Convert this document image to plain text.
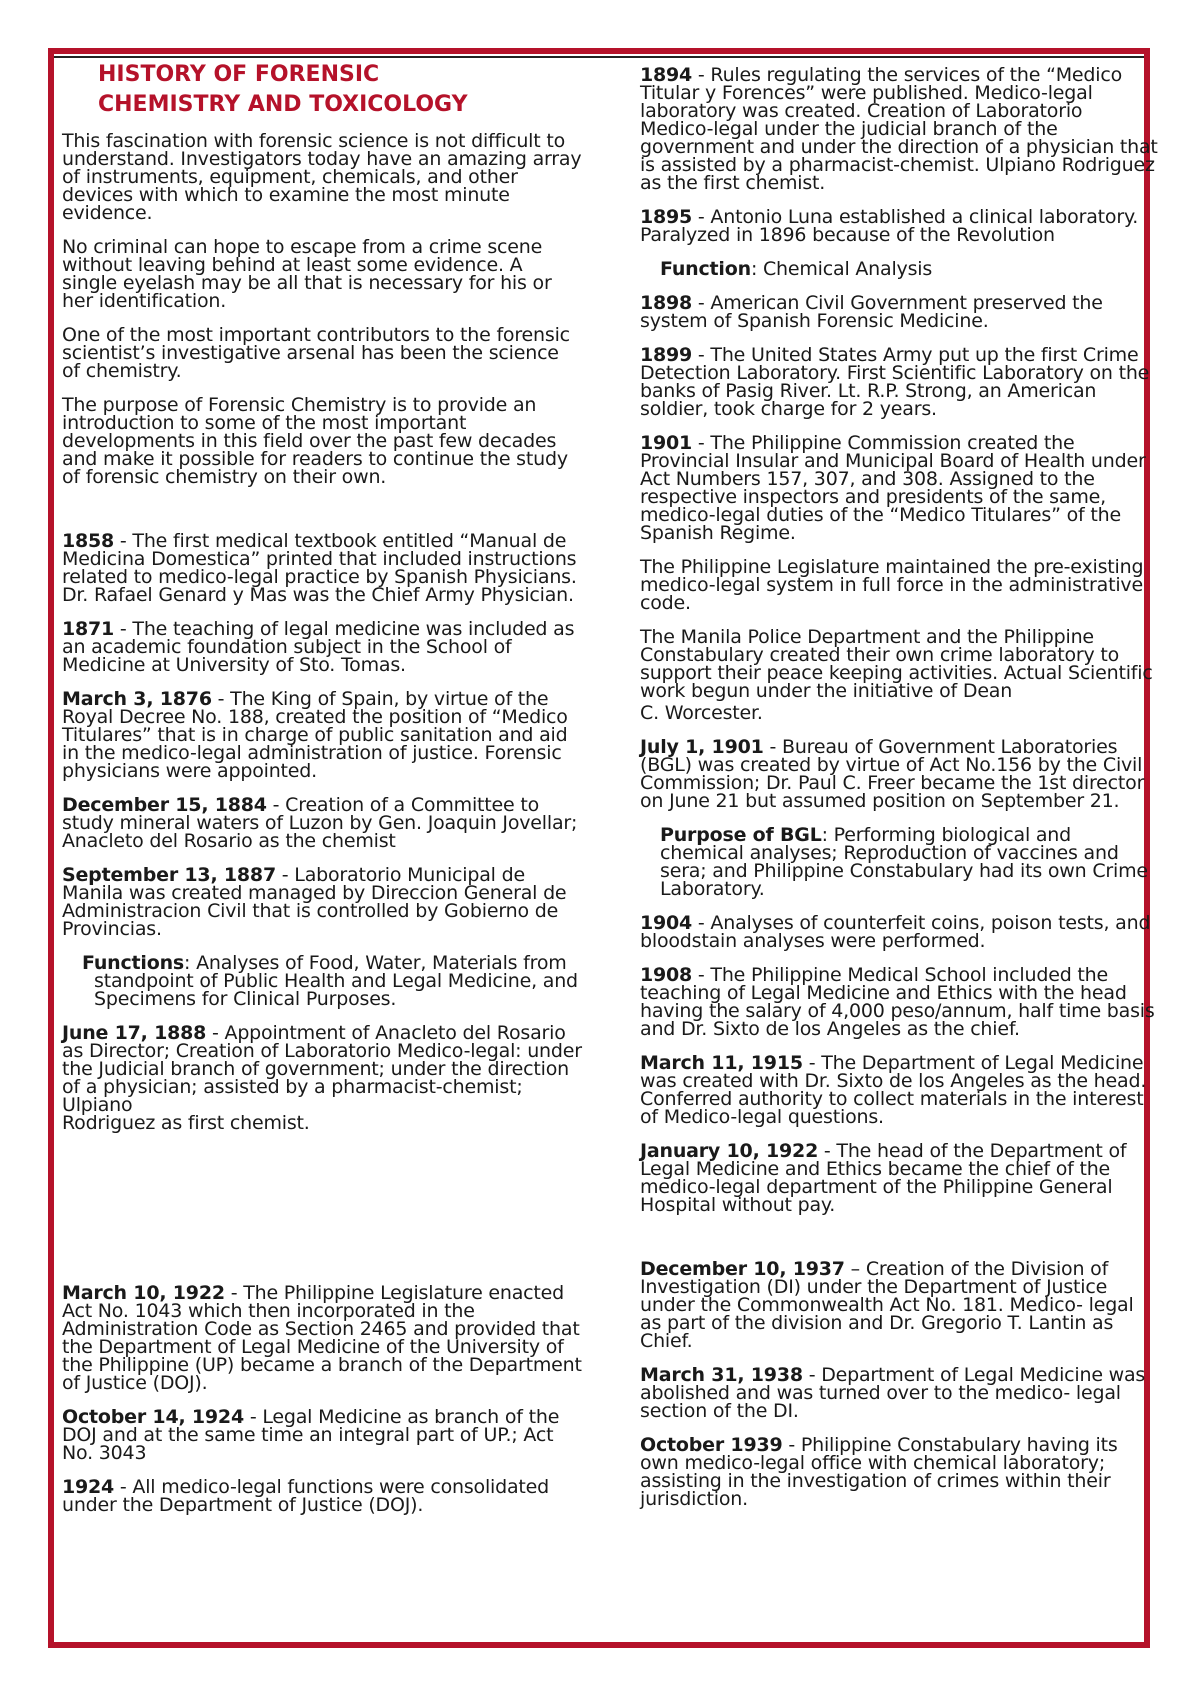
HISTORY OF FORENSIC
CHEMISTRY AND TOXICOLOGY

This fascination with forensic science is not difficult to understand. Investigators today have an amazing array of instruments, equipment, chemicals, and other devices with which to examine the most minute evidence.

No criminal can hope to escape from a crime scene without leaving behind at least some evidence. A single eyelash may be all that is necessary for his or her identification.

One of the most important contributors to the forensic scientist’s investigative arsenal has been the science of chemistry.

The purpose of Forensic Chemistry is to provide an introduction to some of the most important developments in this field over the past few decades and make it possible for readers to continue the study of forensic chemistry on their own.

1858 - The first medical textbook entitled “Manual de Medicina Domestica” printed that included instructions related to medico-legal practice by Spanish Physicians. Dr. Rafael Genard y Mas was the Chief Army Physician.

1871 - The teaching of legal medicine was included as an academic foundation subject in the School of Medicine at University of Sto. Tomas.

March 3, 1876 - The King of Spain, by virtue of the Royal Decree No. 188, created the position of “Medico Titulares” that is in charge of public sanitation and aid in the medico-legal administration of justice. Forensic physicians were appointed.

December 15, 1884 - Creation of a Committee to study mineral waters of Luzon by Gen. Joaquin Jovellar; Anacleto del Rosario as the chemist

September 13, 1887 - Laboratorio Municipal de Manila was created managed by Direccion General de Administracion Civil that is controlled by Gobierno de Provincias.

Functions: Analyses of Food, Water, Materials from standpoint of Public Health and Legal Medicine, and Specimens for Clinical Purposes.

June 17, 1888 - Appointment of Anacleto del Rosario as Director; Creation of Laboratorio Medico-legal: under the Judicial branch of government; under the direction of a physician; assisted by a pharmacist-chemist; Ulpiano
Rodriguez as first chemist.

March 10, 1922 - The Philippine Legislature enacted Act No. 1043 which then incorporated in the Administration Code as Section 2465 and provided that the Department of Legal Medicine of the University of the Philippine (UP) became a branch of the Department of Justice (DOJ).

October 14, 1924 - Legal Medicine as branch of the DOJ and at the same time an integral part of UP.; Act No. 3043

1924 - All medico-legal functions were consolidated under the Department of Justice (DOJ).

1894 - Rules regulating the services of the “Medico Titular y Forences” were published. Medico-legal laboratory was created. Creation of Laboratorio Medico-legal under the judicial branch of the government and under the direction of a physician that is assisted by a pharmacist-chemist. Ulpiano Rodriguez as the first chemist.

1895 - Antonio Luna established a clinical laboratory. Paralyzed in 1896 because of the Revolution

Function: Chemical Analysis

1898 - American Civil Government preserved the system of Spanish Forensic Medicine.

1899 - The United States Army put up the first Crime Detection Laboratory. First Scientific Laboratory on the banks of Pasig River. Lt. R.P. Strong, an American soldier, took charge for 2 years.

1901 - The Philippine Commission created the Provincial Insular and Municipal Board of Health under Act Numbers 157, 307, and 308. Assigned to the respective inspectors and presidents of the same, medico-legal duties of the “Medico Titulares” of the Spanish Regime.

The Philippine Legislature maintained the pre-existing medico-legal system in full force in the administrative code.

The Manila Police Department and the Philippine Constabulary created their own crime laboratory to support their peace keeping activities. Actual Scientific work begun under the initiative of Dean

C. Worcester.

July 1, 1901 - Bureau of Government Laboratories (BGL) was created by virtue of Act No.156 by the Civil Commission; Dr. Paul C. Freer became the 1st director on June 21 but assumed position on September 21.

Purpose of BGL: Performing biological and chemical analyses; Reproduction of vaccines and sera; and Philippine Constabulary had its own Crime Laboratory.

1904 - Analyses of counterfeit coins, poison tests, and bloodstain analyses were performed.

1908 - The Philippine Medical School included the teaching of Legal Medicine and Ethics with the head having the salary of 4,000 peso/annum, half time basis and Dr. Sixto de los Angeles as the chief.

March 11, 1915 - The Department of Legal Medicine was created with Dr. Sixto de los Angeles as the head. Conferred authority to collect materials in the interest of Medico-legal questions.

January 10, 1922 - The head of the Department of Legal Medicine and Ethics became the chief of the medico-legal department of the Philippine General Hospital without pay.

December 10, 1937 – Creation of the Division of Investigation (DI) under the Department of Justice under the Commonwealth Act No. 181. Medico- legal as part of the division and Dr. Gregorio T. Lantin as Chief.

March 31, 1938 - Department of Legal Medicine was abolished and was turned over to the medico- legal section of the DI.

October 1939 - Philippine Constabulary having its own medico-legal office with chemical laboratory; assisting in the investigation of crimes within their jurisdiction.
